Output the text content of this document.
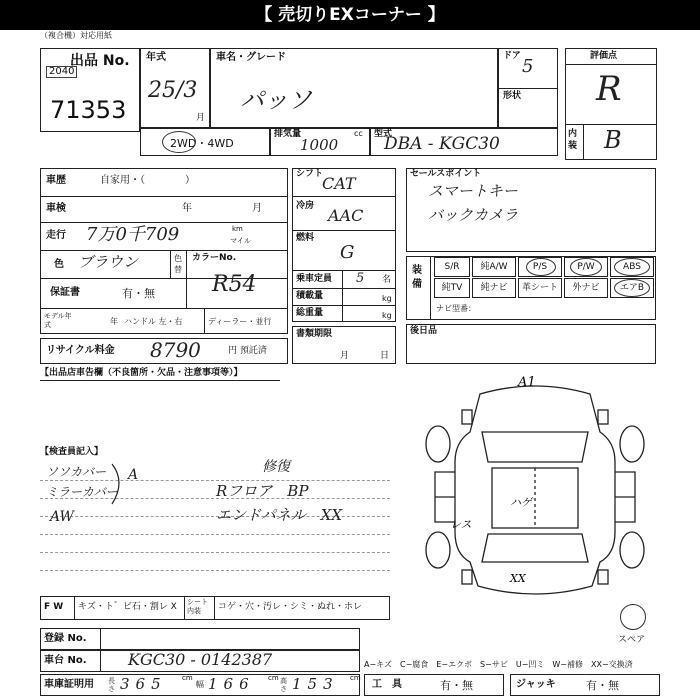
【 売切りEXコーナー 】
（複合機）対応用紙
出品 No.
2040
71353
年式
25/3
月
車名・グレード
パッソ
ドア 5
形状
評価点
R
内装 B
2WD・4WD
排気量	cc
1000
型式
DBA - KGC30
車歴	自家用・（　　　　）
車検	年	月
走行 7万0千709	km
マイル
色 ブラウン	色替
カラーNo.
R54
保証書	有・無
モデル年式	年 ハンドル 左・右	ディーラー・並行
リサイクル料金 8790	円 預託済
シフト
CAT
冷房 AAC
燃料
G
乗車定員 5 名
積載量	kg
総重量	kg
書類期限
月	日
セールスポイント
スマートキー
バックカメラ
装備
S/R	純A/W	P/S	P/W	ABS
純TV	純ナビ	革シート	外ナビ	エアB
ナビ型番：
後日品
【出品店車告欄（不良箇所・欠品・注意事項等）】
【検査員記入】
ソソカバー
ミラーカバー
AW
A	修復
Rフロア　BP
エンドパネル　XX
A1
ハゲ
レス
XX
スペア
F W キズ・ト゛ビ石・割レ X シート内装	コゲ・穴・汚レ・シミ・ぬれ・ホレ
登録 No.
車台 No.	KGC30 - 0142387	A−キズ　C−腐食　E−エクボ　S−サビ　U−凹ミ　W−補修　XX−交換済
車庫証明用 長さ 365 cm
幅 166 cm 高さ 153 cm
工　具	有・無	ジャッキ	有・無
